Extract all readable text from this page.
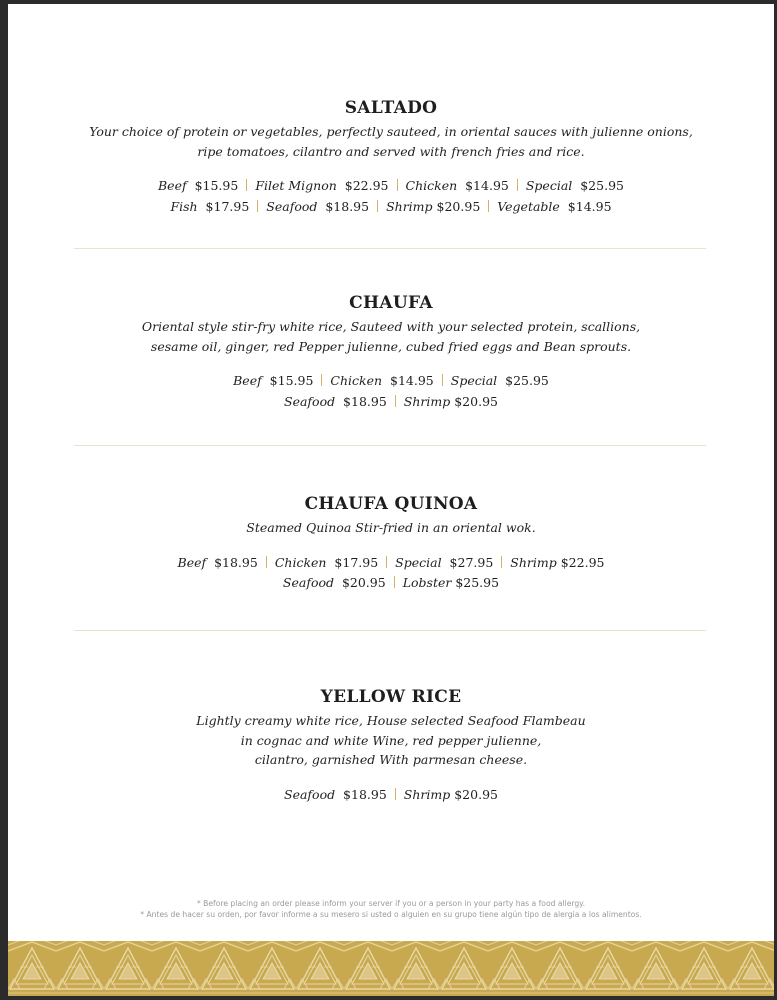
SALTADO
Your choice of protein or vegetables, perfectly sauteed, in oriental sauces with julienne onions,
ripe tomatoes, cilantro and served with french fries and rice.
Beef $15.95 Filet Mignon $22.95 Chicken $14.95 Special $25.95
Fish $17.95 Seafood $18.95 Shrimp $20.95 Vegetable $14.95
CHAUFA
Oriental style stir-fry white rice, Sauteed with your selected protein, scallions,
sesame oil, ginger, red Pepper julienne, cubed fried eggs and Bean sprouts.
Beef $15.95 Chicken $14.95 Special $25.95
Seafood $18.95 Shrimp $20.95
CHAUFA QUINOA
Steamed Quinoa Stir-fried in an oriental wok.
Beef $18.95 Chicken $17.95 Special $27.95 Shrimp $22.95
Seafood $20.95 Lobster $25.95
YELLOW RICE
Lightly creamy white rice, House selected Seafood Flambeau
in cognac and white Wine, red pepper julienne,
cilantro, garnished With parmesan cheese.
Seafood $18.95 Shrimp $20.95
* Before placing an order please inform your server if you or a person in your party has a food allergy.
* Antes de hacer su orden, por favor informe a su mesero si usted o alguien en su grupo tiene algún tipo de alergia a los alimentos.
